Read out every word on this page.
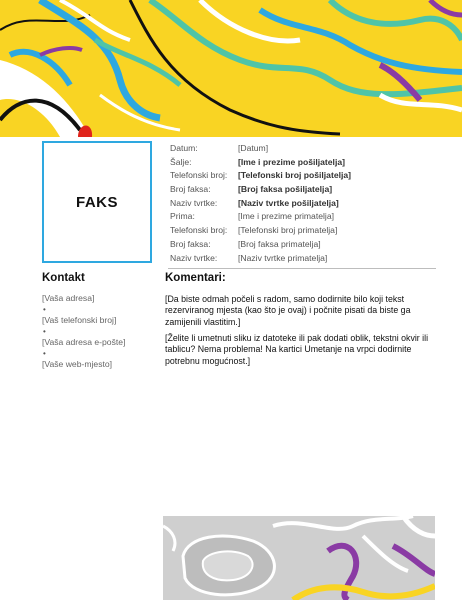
FAKS
Datum:	[Datum]
Šalje:	[Ime i prezime pošiljatelja]
Telefonski broj:	[Telefonski broj pošiljatelja]
Broj faksa:	[Broj faksa pošiljatelja]
Naziv tvrtke:	[Naziv tvrtke pošiljatelja]
Prima:	[Ime i prezime primatelja]
Telefonski broj:	[Telefonski broj primatelja]
Broj faksa:	[Broj faksa primatelja]
Naziv tvrtke:	[Naziv tvrtke primatelja]
Kontakt
[Vaša adresa]
•
[Vaš telefonski broj]
•
[Vaša adresa e-pošte]
•
[Vaše web-mjesto]
Komentari:
[Da biste odmah počeli s radom, samo dodirnite bilo koji tekst rezerviranog mjesta (kao što je ovaj) i počnite pisati da biste ga zamijenili vlastitim.]
[Želite li umetnuti sliku iz datoteke ili pak dodati oblik, tekstni okvir ili tablicu? Nema problema! Na kartici Umetanje na vrpci dodirnite potrebnu mogućnost.]
